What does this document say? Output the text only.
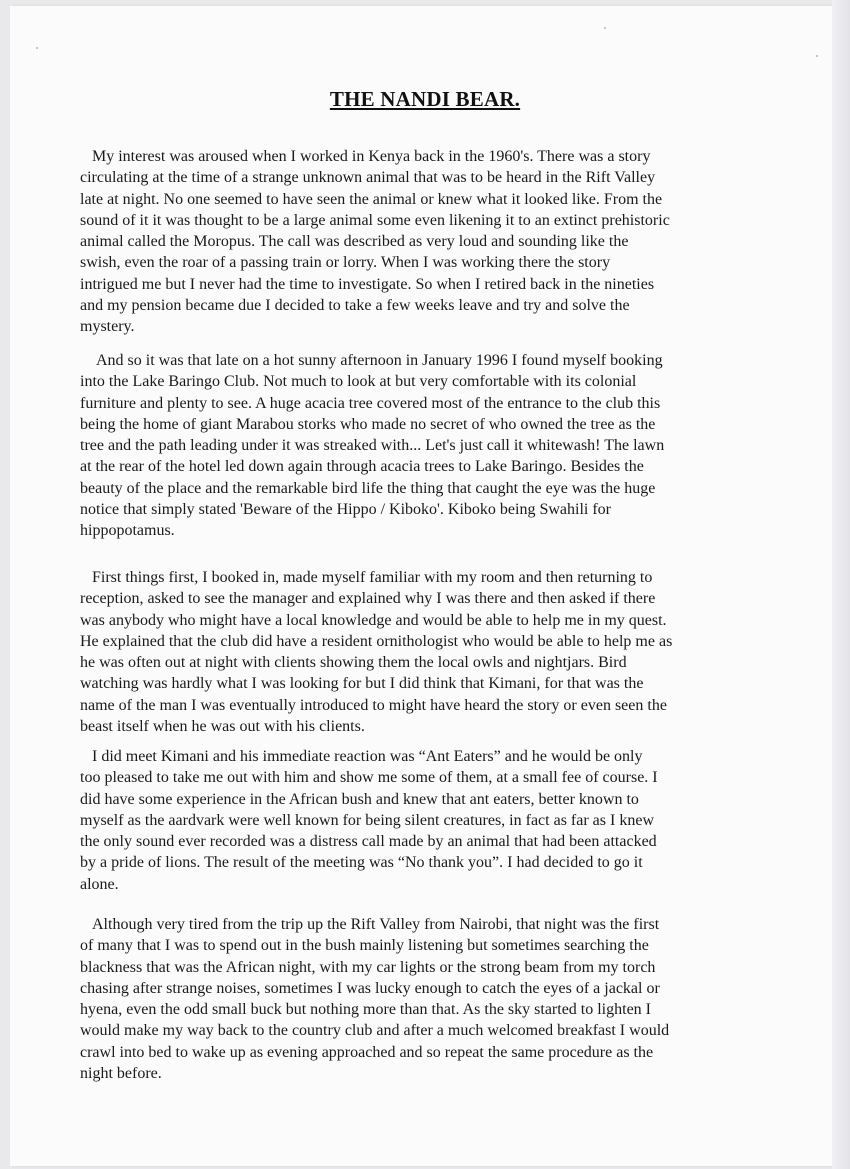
THE NANDI BEAR.
My interest was aroused when I worked in Kenya back in the 1960's. There was a story
circulating at the time of a strange unknown animal that was to be heard in the Rift Valley
late at night. No one seemed to have seen the animal or knew what it looked like. From the
sound of it it was thought to be a large animal some even likening it to an extinct prehistoric
animal called the Moropus. The call was described as very loud and sounding like the
swish, even the roar of a passing train or lorry. When I was working there the story
intrigued me but I never had the time to investigate. So when I retired back in the nineties
and my pension became due I decided to take a few weeks leave and try and solve the
mystery.
And so it was that late on a hot sunny afternoon in January 1996 I found myself booking
into the Lake Baringo Club. Not much to look at but very comfortable with its colonial
furniture and plenty to see. A huge acacia tree covered most of the entrance to the club this
being the home of giant Marabou storks who made no secret of who owned the tree as the
tree and the path leading under it was streaked with... Let's just call it whitewash! The lawn
at the rear of the hotel led down again through acacia trees to Lake Baringo. Besides the
beauty of the place and the remarkable bird life the thing that caught the eye was the huge
notice that simply stated 'Beware of the Hippo / Kiboko'. Kiboko being Swahili for
hippopotamus.
First things first, I booked in, made myself familiar with my room and then returning to
reception, asked to see the manager and explained why I was there and then asked if there
was anybody who might have a local knowledge and would be able to help me in my quest.
He explained that the club did have a resident ornithologist who would be able to help me as
he was often out at night with clients showing them the local owls and nightjars. Bird
watching was hardly what I was looking for but I did think that Kimani, for that was the
name of the man I was eventually introduced to might have heard the story or even seen the
beast itself when he was out with his clients.
I did meet Kimani and his immediate reaction was “Ant Eaters” and he would be only
too pleased to take me out with him and show me some of them, at a small fee of course. I
did have some experience in the African bush and knew that ant eaters, better known to
myself as the aardvark were well known for being silent creatures, in fact as far as I knew
the only sound ever recorded was a distress call made by an animal that had been attacked
by a pride of lions. The result of the meeting was “No thank you”. I had decided to go it
alone.
Although very tired from the trip up the Rift Valley from Nairobi, that night was the first
of many that I was to spend out in the bush mainly listening but sometimes searching the
blackness that was the African night, with my car lights or the strong beam from my torch
chasing after strange noises, sometimes I was lucky enough to catch the eyes of a jackal or
hyena, even the odd small buck but nothing more than that. As the sky started to lighten I
would make my way back to the country club and after a much welcomed breakfast I would
crawl into bed to wake up as evening approached and so repeat the same procedure as the
night before.
